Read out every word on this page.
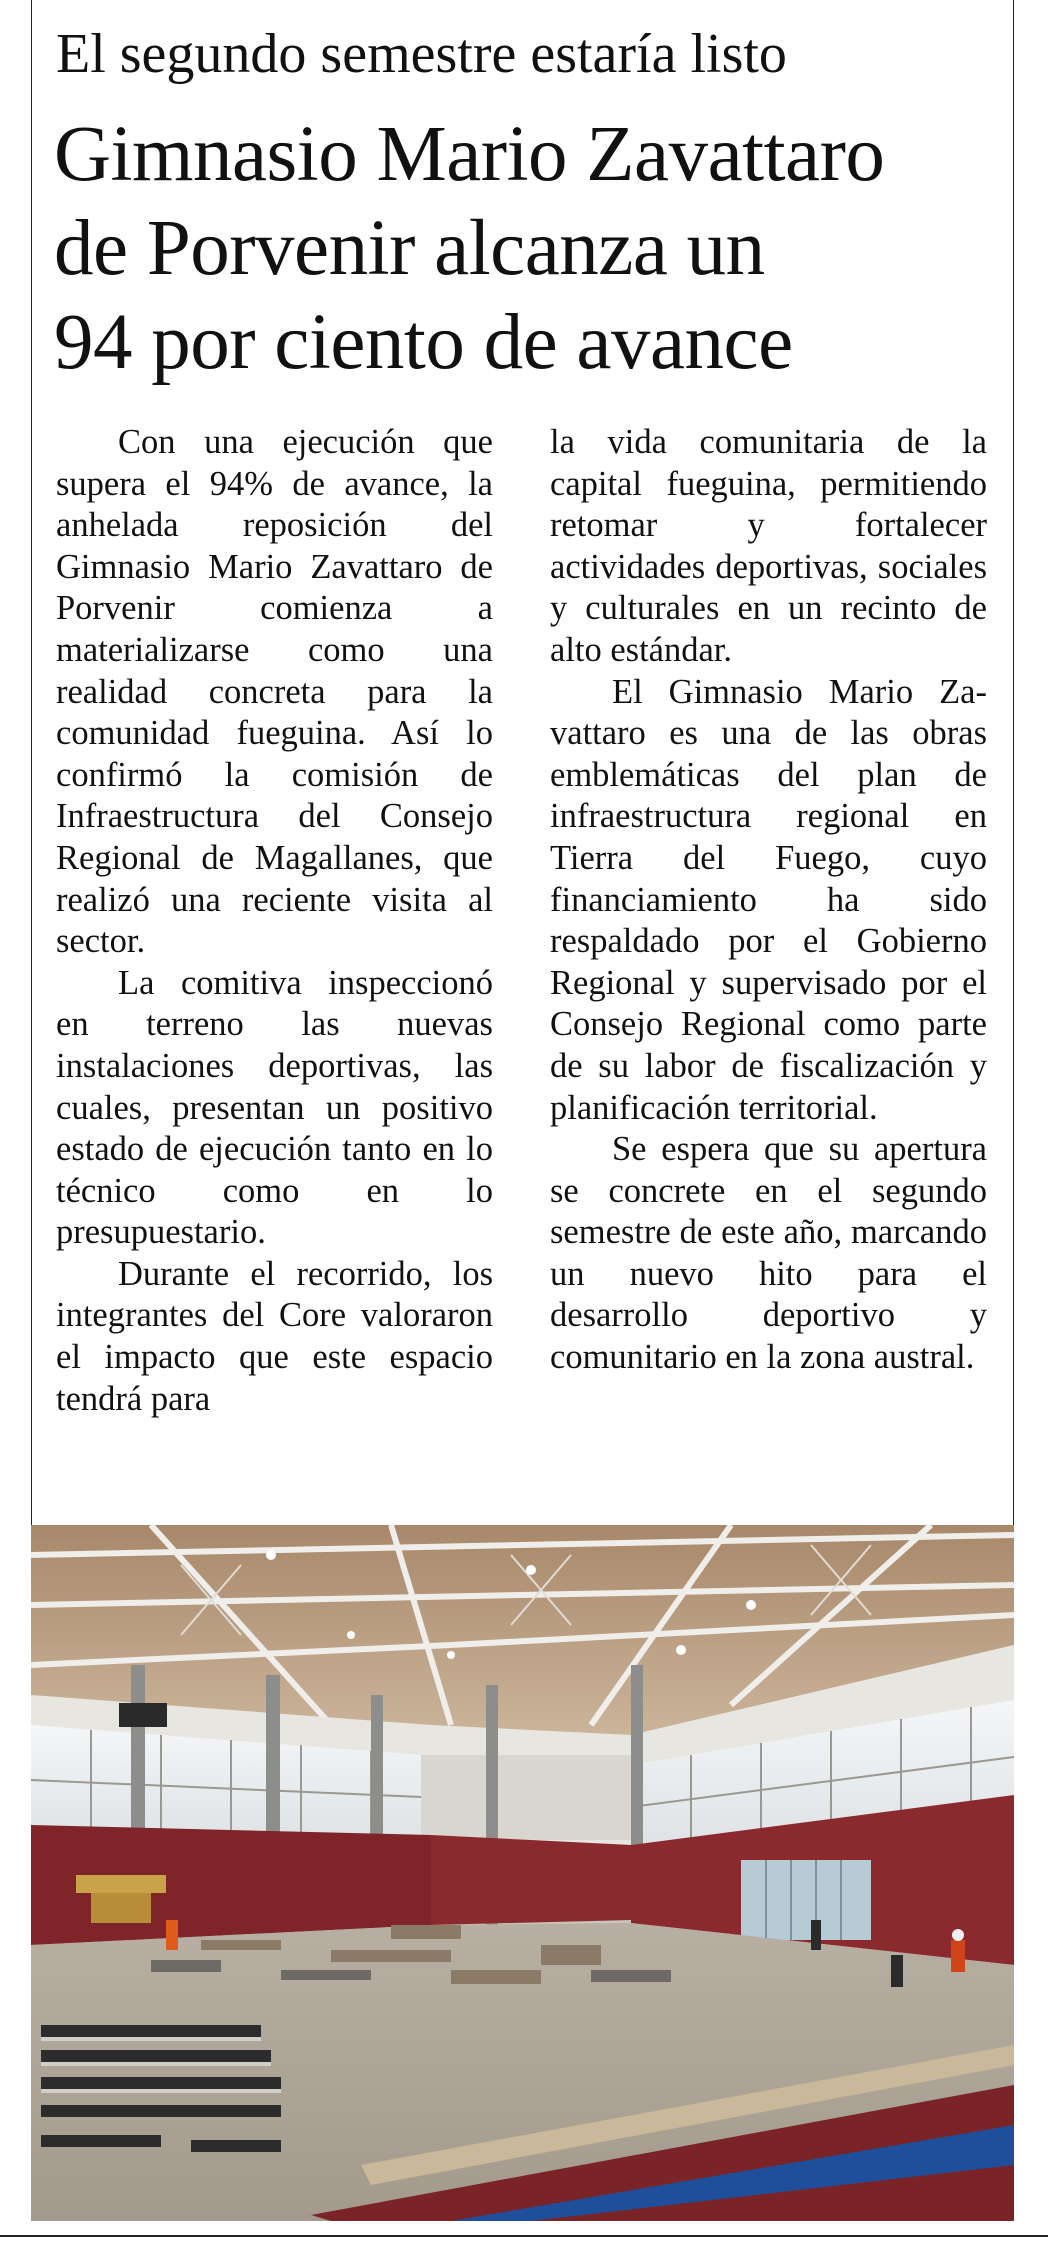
El segundo semestre estaría listo
Gimnasio Mario Zavattaro
de Porvenir alcanza un
94 por ciento de avance

Con una ejecución que supera el 94% de avance, la anhelada reposición del Gimnasio Mario Zavattaro de Porvenir comienza a materializarse como una realidad concreta para la comunidad fueguina. Así lo confirmó la comisión de Infraestructura del Consejo Regional de Magallanes, que realizó una reciente visita al sector.

La comitiva inspeccionó en terreno las nuevas instalaciones deportivas, las cuales, presentan un positivo estado de ejecución tanto en lo técnico como en lo presupuestario.

Durante el recorrido, los integrantes del Core valoraron el impacto que este espacio tendrá para

la vida comunitaria de la capital fueguina, permitiendo retomar y fortalecer actividades deportivas, sociales y culturales en un recinto de alto estándar.

El Gimnasio Mario Zavattaro es una de las obras emblemáticas del plan de infraestructura regional en Tierra del Fuego, cuyo financiamiento ha sido respaldado por el Gobierno Regional y supervisado por el Consejo Regional como parte de su labor de fiscalización y planificación territorial.

Se espera que su apertura se concrete en el segundo semestre de este año, marcando un nuevo hito para el desarrollo deportivo y comunitario en la zona austral.
